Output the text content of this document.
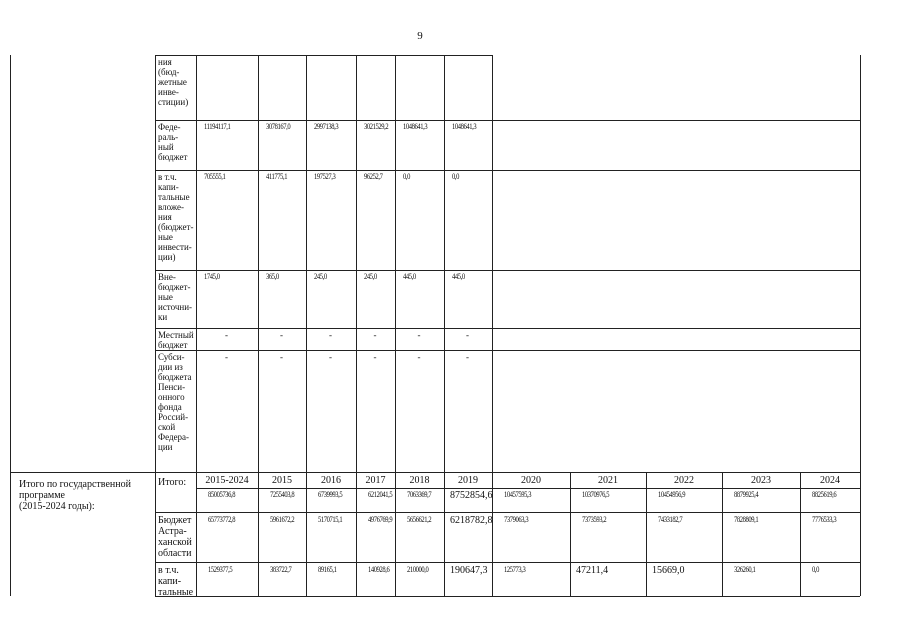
9
ния
(бюд-
жетные
инве-
стиции)
Феде-
раль-
ный
бюджет
11194117,1	3078167,0	2997138,3	3021529,2 1048641,3	1048641,3
в т.ч.
капи-
тальные
вложе-
ния
(бюджет-
ные
инвести-
ции)
705555,1	411775,1	197527,3	96252,7	0,0	0,0
Вне-
бюджет-
ные
источни-
ки
1745,0	365,0	245,0	245,0	445,0	445,0
Местный
бюджет
-	-	-	-	-	-
Субси-
дии из
бюджета
Пенси-
онного
фонда
Россий-
ской
Федера-
ции
-	-	-	-	-	-
Итого по государственной
программе
(2015-2024 годы):
Итого:	2015-2024	2015	2016	2017	2018	2019	2020	2021	2022	2023	2024
85005736,8	7255403,8	6739993,5	6212041,5 7063369,7 8752854,6 10457595,3	10370976,5	10454956,9	8879925,4	8825619,6
Бюджет
Астра-
ханской
области
65773772,8	5961672,2	5170715,1	4976769,9 5656621,2 6218782,8 7379063,3	7373593,2	7433182,7	7828809,1	7776533,3
в т.ч.
капи-
тальные
1529377,5	383722,7	89165,1	140928,6 210000,0 190647,3 125773,3	47211,4	15669,0	326260,1	0,0
